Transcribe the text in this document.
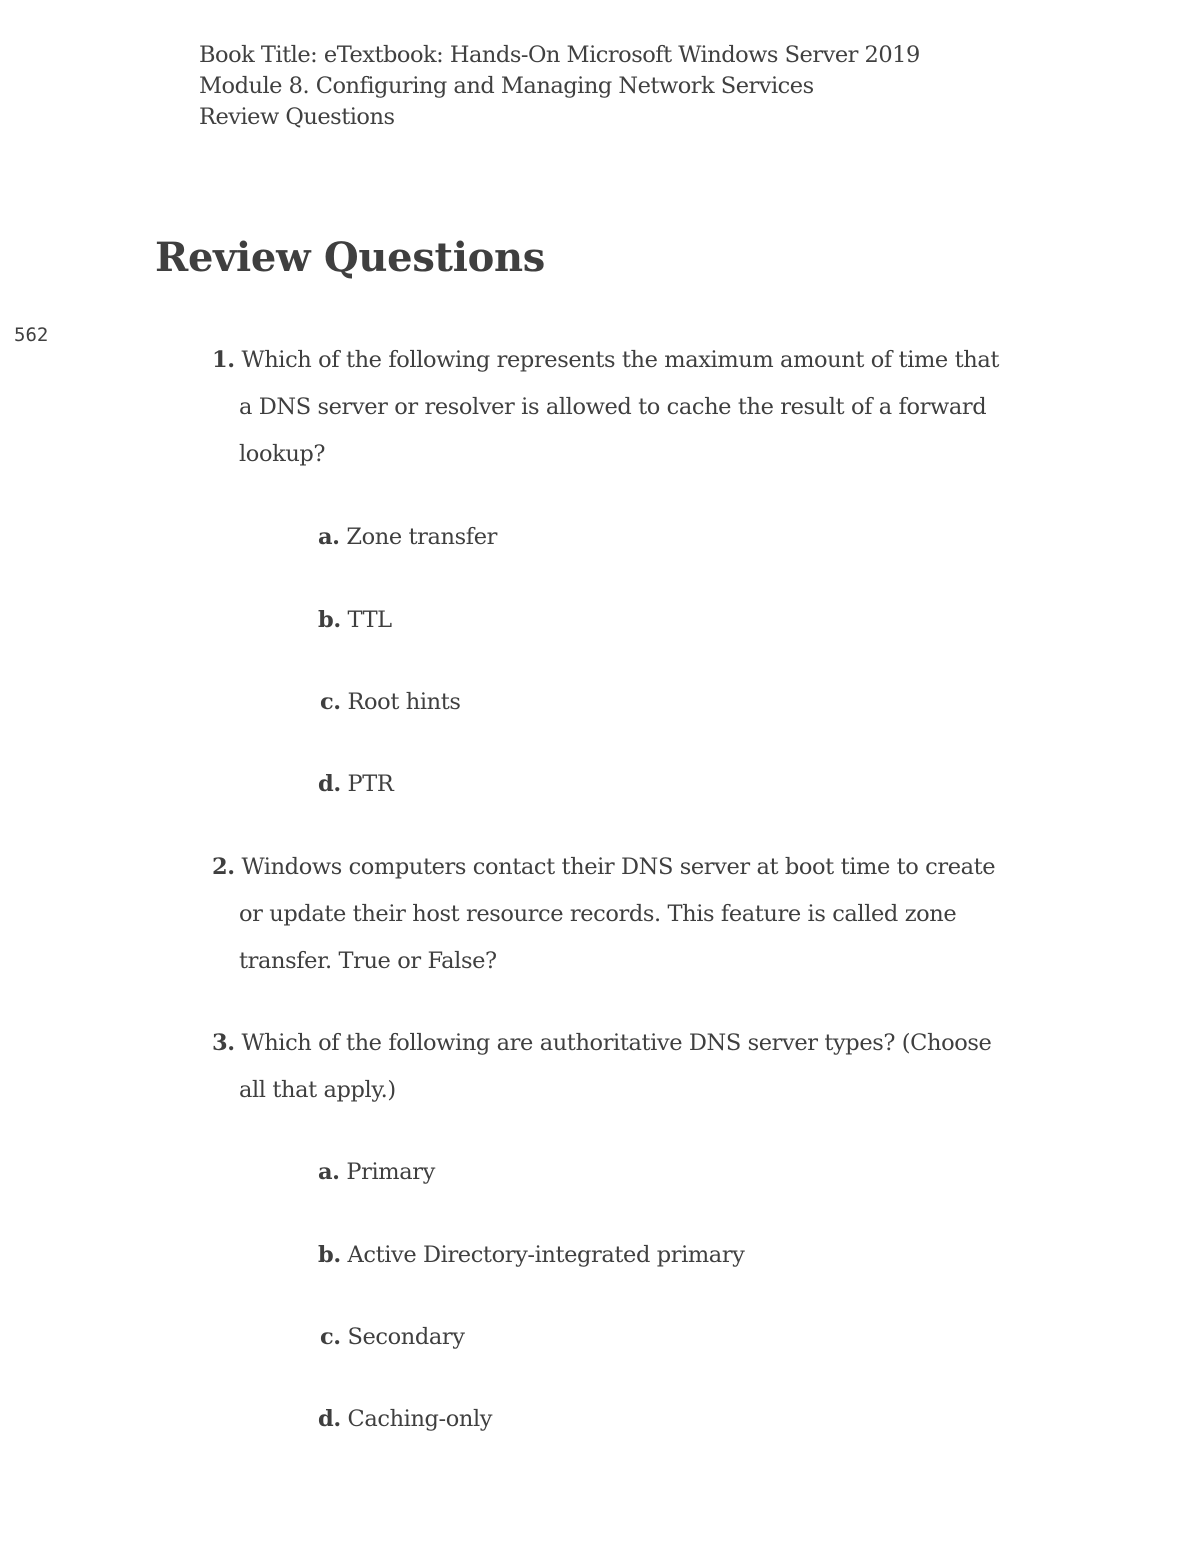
Book Title: eTextbook: Hands-On Microsoft Windows Server 2019
Module 8. Configuring and Managing Network Services
Review Questions
562
Review Questions
1. Which of the following represents the maximum amount of time that
a DNS server or resolver is allowed to cache the result of a forward
lookup?
a. Zone transfer
b. TTL
c. Root hints
d. PTR
2. Windows computers contact their DNS server at boot time to create
or update their host resource records. This feature is called zone
transfer. True or False?
3. Which of the following are authoritative DNS server types? (Choose
all that apply.)
a. Primary
b. Active Directory-integrated primary
c. Secondary
d. Caching-only
